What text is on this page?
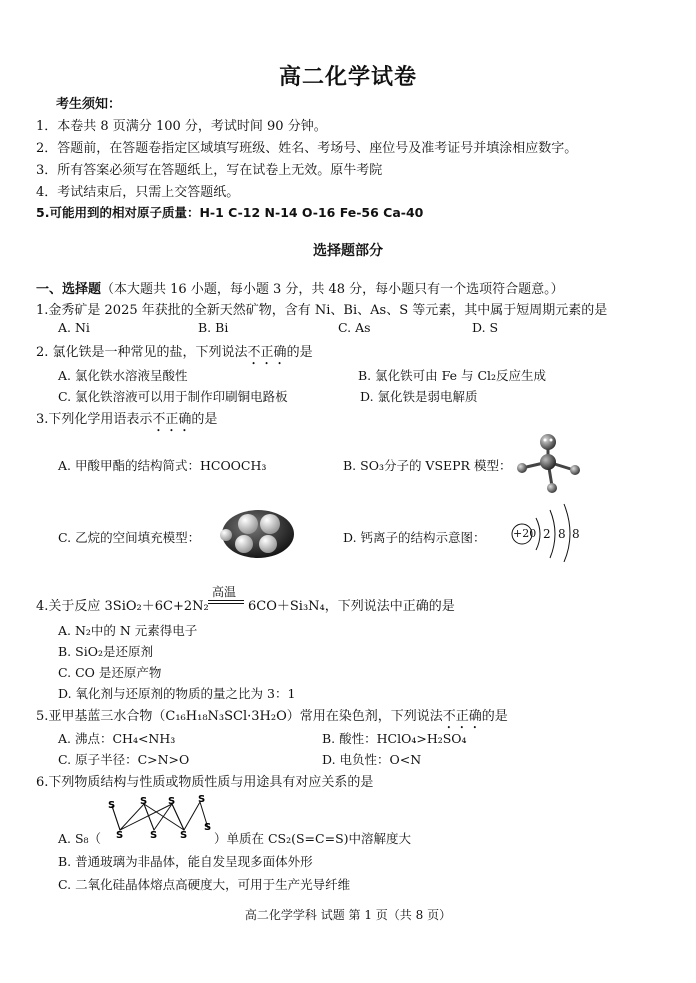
高二化学试卷
考生须知：
1．本卷共 8 页满分 100 分，考试时间 90 分钟。
2．答题前，在答题卷指定区域填写班级、姓名、考场号、座位号及准考证号并填涂相应数字。
3．所有答案必须写在答题纸上，写在试卷上无效。原牛考院
4．考试结束后，只需上交答题纸。
5.可能用到的相对原子质量：H-1 C-12 N-14 O-16 Fe-56 Ca-40
选择题部分
一、选择题（本大题共 16 小题，每小题 3 分，共 48 分，每小题只有一个选项符合题意。）
1.金秀矿是 2025 年获批的全新天然矿物，含有 Ni、Bi、As、S 等元素，其中属于短周期元素的是
A. Ni	B. Bi	C. As	D. S
2. 氯化铁是一种常见的盐，下列说法不正确的是
A. 氯化铁水溶液呈酸性	B. 氯化铁可由 Fe 与 Cl₂反应生成
C. 氯化铁溶液可以用于制作印刷铜电路板	D. 氯化铁是弱电解质
3.下列化学用语表示不正确的是
A. 甲酸甲酯的结构简式：HCOOCH₃	B. SO₃分子的 VSEPR 模型：
C. 乙烷的空间填充模型：	D. 钙离子的结构示意图： +20 2 8 8
4.关于反应 3SiO₂＋6C+2N₂
高温
6CO＋Si₃N₄，下列说法中正确的是
A. N₂中的 N 元素得电子
B. SiO₂是还原剂
C. CO 是还原产物
D. 氧化剂与还原剂的物质的量之比为 3：1
5.亚甲基蓝三水合物（C₁₆H₁₈N₃SCl·3H₂O）常用在染色剂，下列说法不正确的是
A. 沸点：CH₄<NH₃	B. 酸性：HClO₄>H₂SO₄
C. 原子半径：C>N>O	D. 电负性：O<N
6.下列物质结构与性质或物质性质与用途具有对应关系的是
S S S S
S	S S
S
A. S₈（	）单质在 CS₂(S=C=S)中溶解度大
B. 普通玻璃为非晶体，能自发呈现多面体外形
C. 二氧化硅晶体熔点高硬度大，可用于生产光导纤维
高二化学学科 试题 第 1 页（共 8 页）
